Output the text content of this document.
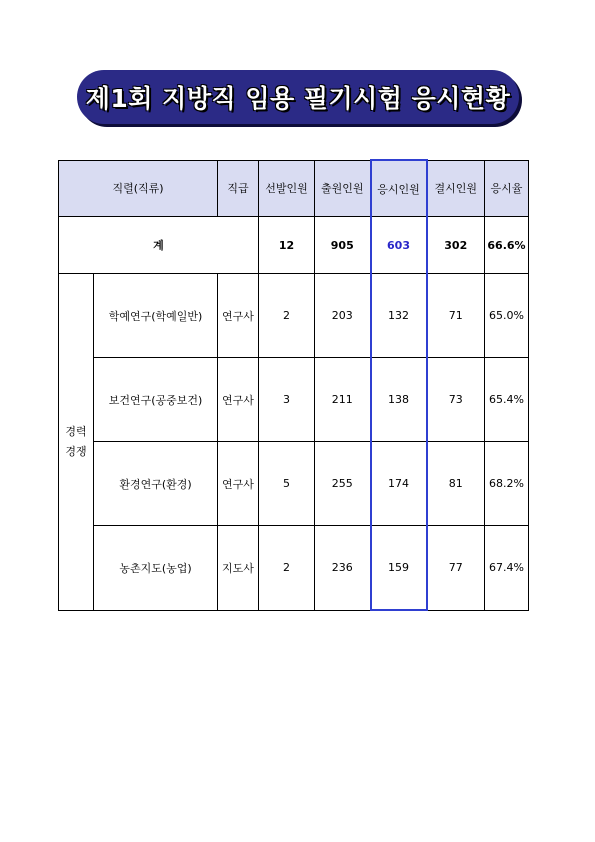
제1회 지방직 임용 필기시험 응시현황
직렬(직류)		직급	선발인원	출원인원	응시인원	결시인원	응시율
계			12	905	603	302	66.6%
경력
경쟁	학예연구(학예일반)	연구사	2	203	132	71	65.0%
	보건연구(공중보건)	연구사	3	211	138	73	65.4%
	환경연구(환경)	연구사	5	255	174	81	68.2%
	농촌지도(농업)	지도사	2	236	159	77	67.4%
